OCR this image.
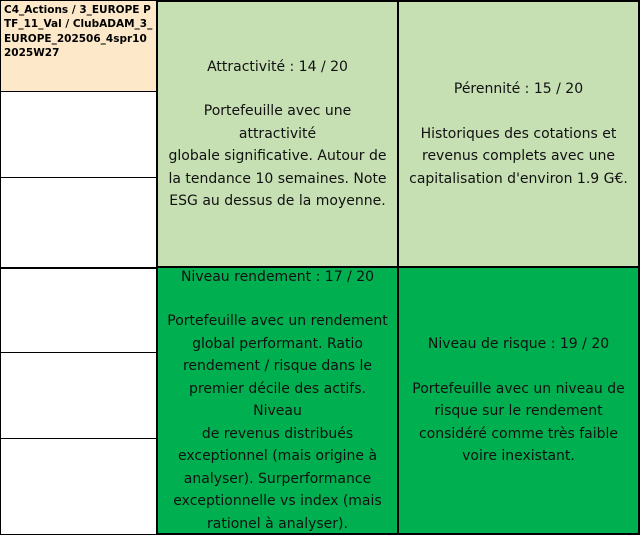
C4_Actions / 3_EUROPE PTF_11_Val / ClubADAM_3_EUROPE_202506_4spr10 2025W27
Attractivité : 14 / 20
Portefeuille avec une attractivité
globale significative. Autour de
la tendance 10 semaines. Note
ESG au dessus de la moyenne.
Pérennité : 15 / 20
Historiques des cotations et
revenus complets avec une
capitalisation d'environ 1.9 G€.
Niveau rendement : 17 / 20
Portefeuille avec un rendement
global performant. Ratio
rendement / risque dans le
premier décile des actifs. Niveau
de revenus distribués
exceptionnel (mais origine à
analyser). Surperformance
exceptionnelle vs index (mais
rationel à analyser).
Niveau de risque : 19 / 20
Portefeuille avec un niveau de
risque sur le rendement
considéré comme très faible
voire inexistant.
